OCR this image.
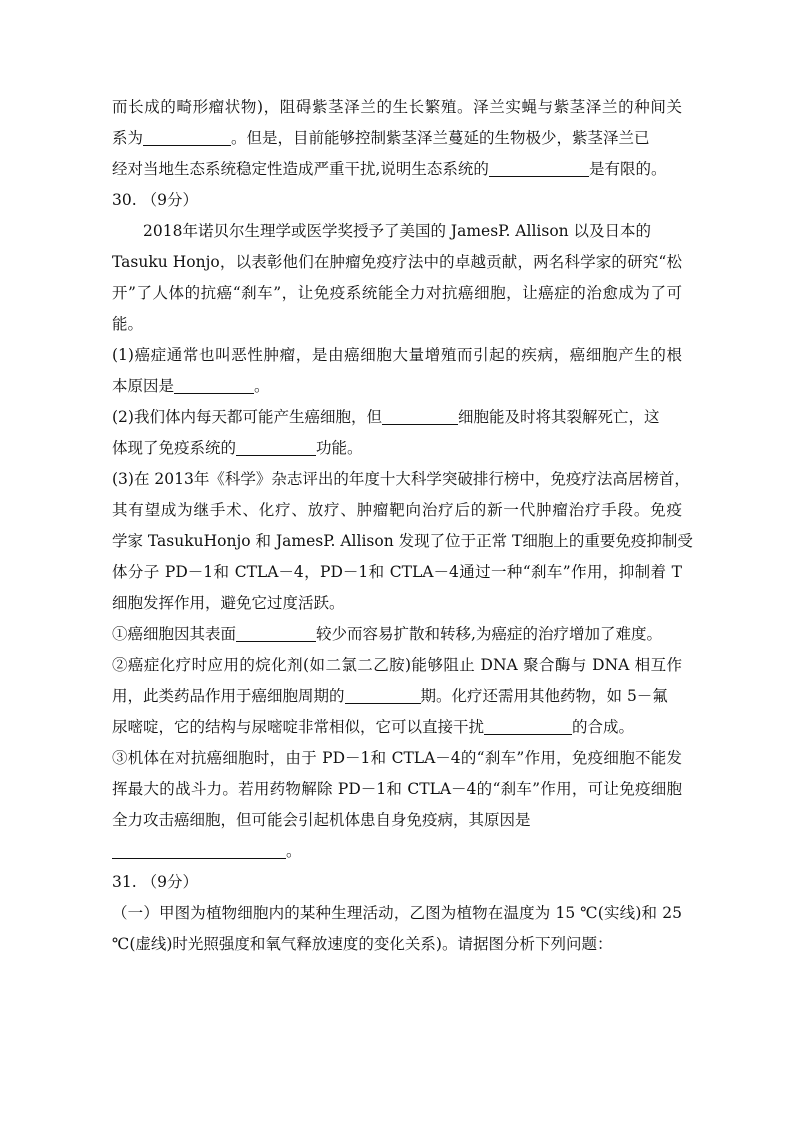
而长成的畸形瘤状物)，阻碍紫茎泽兰的生长繁殖。泽兰实蝇与紫茎泽兰的种间关
系为	。但是，目前能够控制紫茎泽兰蔓延的生物极少，紫茎泽兰已
经对当地生态系统稳定性造成严重干扰,说明生态系统的	是有限的。
30. （9分）
2018年诺贝尔生理学或医学奖授予了美国的 JamesP. Allison 以及日本的
Tasuku Honjo，以表彰他们在肿瘤免疫疗法中的卓越贡献，两名科学家的研究“松
开”了人体的抗癌“刹车”，让免疫系统能全力对抗癌细胞，让癌症的治愈成为了可
能。
(1)癌症通常也叫恶性肿瘤，是由癌细胞大量增殖而引起的疾病，癌细胞产生的根
本原因是	。
(2)我们体内每天都可能产生癌细胞，但	细胞能及时将其裂解死亡，这
体现了免疫系统的	功能。
(3)在 2013年《科学》杂志评出的年度十大科学突破排行榜中，免疫疗法高居榜首，
其有望成为继手术、化疗、放疗、肿瘤靶向治疗后的新一代肿瘤治疗手段。免疫
学家 TasukuHonjo 和 JamesP. Allison 发现了位于正常 T细胞上的重要免疫抑制受
体分子 PD－1和 CTLA－4，PD－1和 CTLA－4通过一种“刹车”作用，抑制着 T
细胞发挥作用，避免它过度活跃。
①癌细胞因其表面	较少而容易扩散和转移,为癌症的治疗增加了难度。
②癌症化疗时应用的烷化剂(如二氯二乙胺)能够阻止 DNA 聚合酶与 DNA 相互作
用，此类药品作用于癌细胞周期的	期。化疗还需用其他药物，如 5－氟
尿嘧啶，它的结构与尿嘧啶非常相似，它可以直接干扰	的合成。
③机体在对抗癌细胞时，由于 PD－1和 CTLA－4的“刹车”作用，免疫细胞不能发
挥最大的战斗力。若用药物解除 PD－1和 CTLA－4的“刹车”作用，可让免疫细胞
全力攻击癌细胞，但可能会引起机体患自身免疫病，其原因是
。
31. （9分）
（一）甲图为植物细胞内的某种生理活动，乙图为植物在温度为 15 ℃(实线)和 25
℃(虚线)时光照强度和氧气释放速度的变化关系)。请据图分析下列问题：
